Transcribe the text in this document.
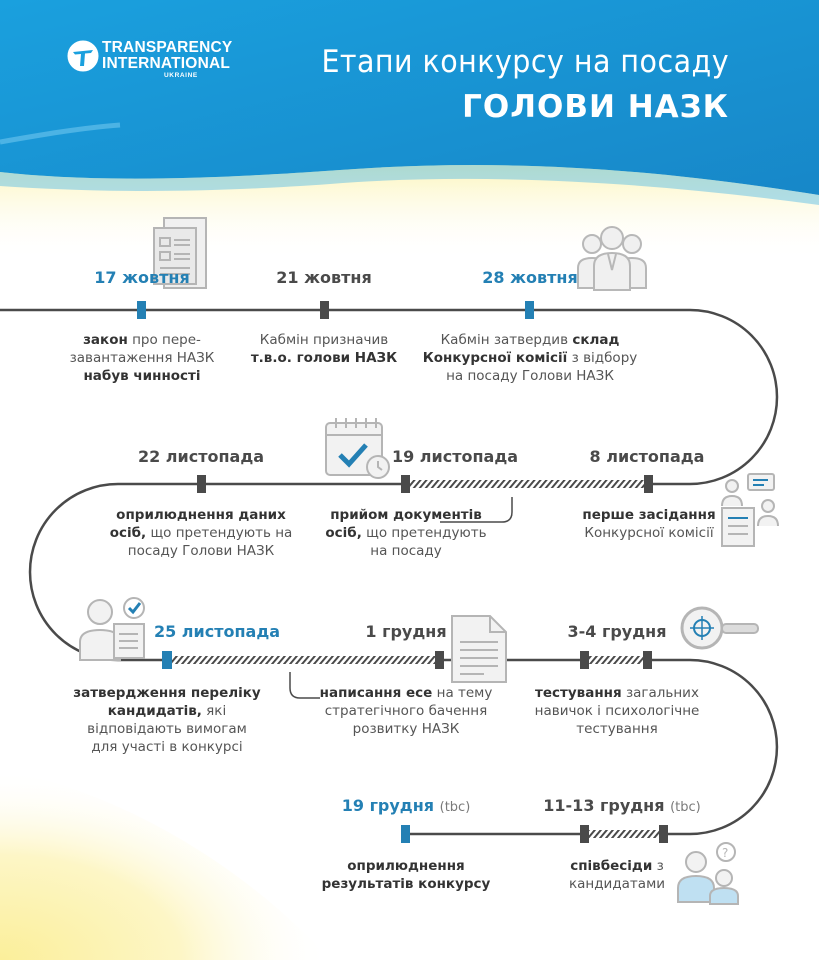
TRANSPARENCY
INTERNATIONAL
UKRAINE	Етапи конкурсу на посаду
ГОЛОВИ НАЗК
?
17 жовтня	21 жовтня	28 жовтня
закон про пере-
завантаження НАЗК
набув чинності
Кабмін призначив
т.в.о. голови НАЗК
Кабмін затвердив склад
Конкурсної комісії з відбору
на посаду Голови НАЗК
22 листопада	19 листопада	8 листопада
оприлюднення даних
осіб, що претендують на
посаду Голови НАЗК
прийом документів
осіб, що претендують
на посаду
перше засідання
Конкурсної комісії
25 листопада	1 грудня	3-4 грудня
затвердження переліку
кандидатів, які
відповідають вимогам
для участі в конкурсі
написання есе на тему
стратегічного бачення
розвитку НАЗК
тестування загальних
навичок і психологічне
тестування
19 грудня (tbc)	11-13 грудня (tbc)
оприлюднення
результатів конкурсу
співбесіди з
кандидатами
